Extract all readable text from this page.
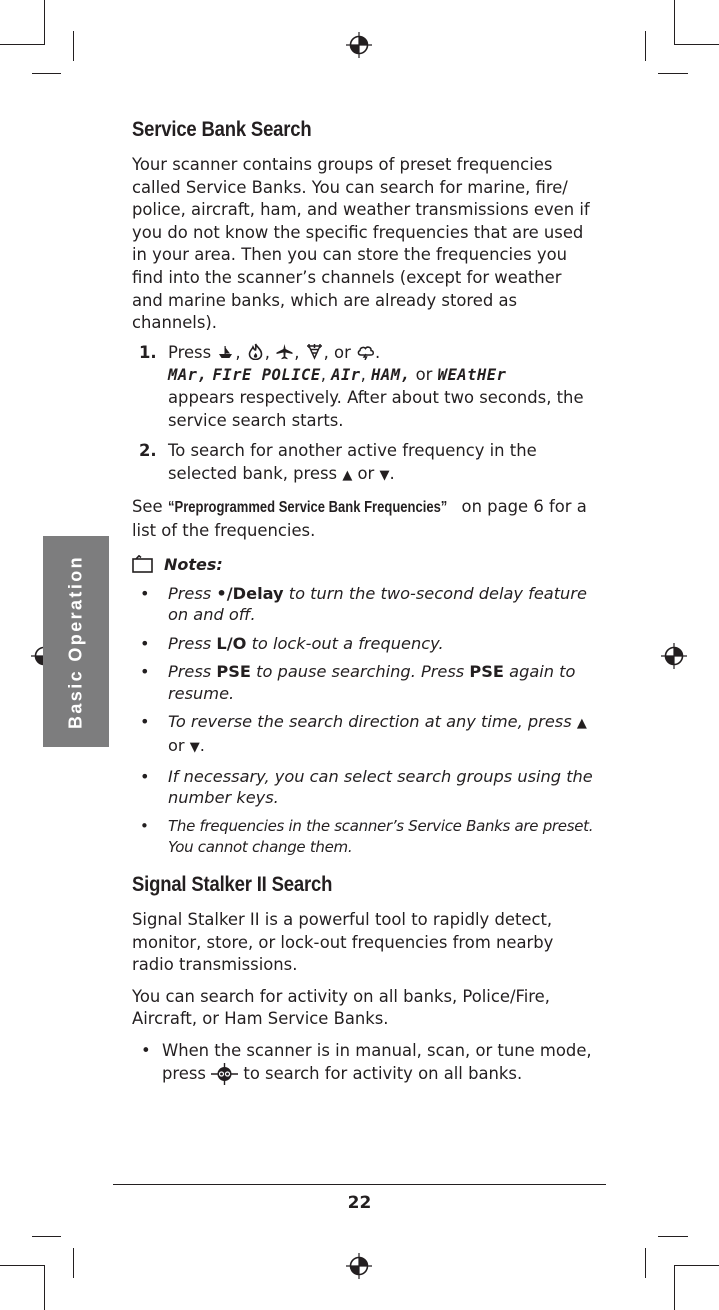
Basic Operation
Service Bank Search

Your scanner contains groups of preset frequencies called Service Banks. You can search for marine, fire/ police, aircraft, ham, and weather transmissions even if you do not know the specific frequencies that are used in your area. Then you can store the frequencies you find into the scanner’s channels (except for weather and marine banks, which are already stored as channels).

1. Press , , , , or .
MAr, FIrE POLICE, AIr, HAM, or WEAtHEr
appears respectively. After about two seconds, the service search starts.
2. To search for another active frequency in the selected bank, press ▲ or ▼.

See “Preprogrammed Service Bank Frequencies” on page 6 for a list of the frequencies.

Notes:
• Press •/Delay to turn the two-second delay feature on and off.
• Press L/O to lock-out a frequency.
• Press PSE to pause searching. Press PSE again to resume.
• To reverse the search direction at any time, press ▲ or ▼.
• If necessary, you can select search groups using the number keys.
• The frequencies in the scanner’s Service Banks are preset. You cannot change them.
Signal Stalker II Search

Signal Stalker II is a powerful tool to rapidly detect, monitor, store, or lock-out frequencies from nearby radio transmissions.

You can search for activity on all banks, Police/Fire, Aircraft, or Ham Service Banks.

• When the scanner is in manual, scan, or tune mode, press to search for activity on all banks.
22
